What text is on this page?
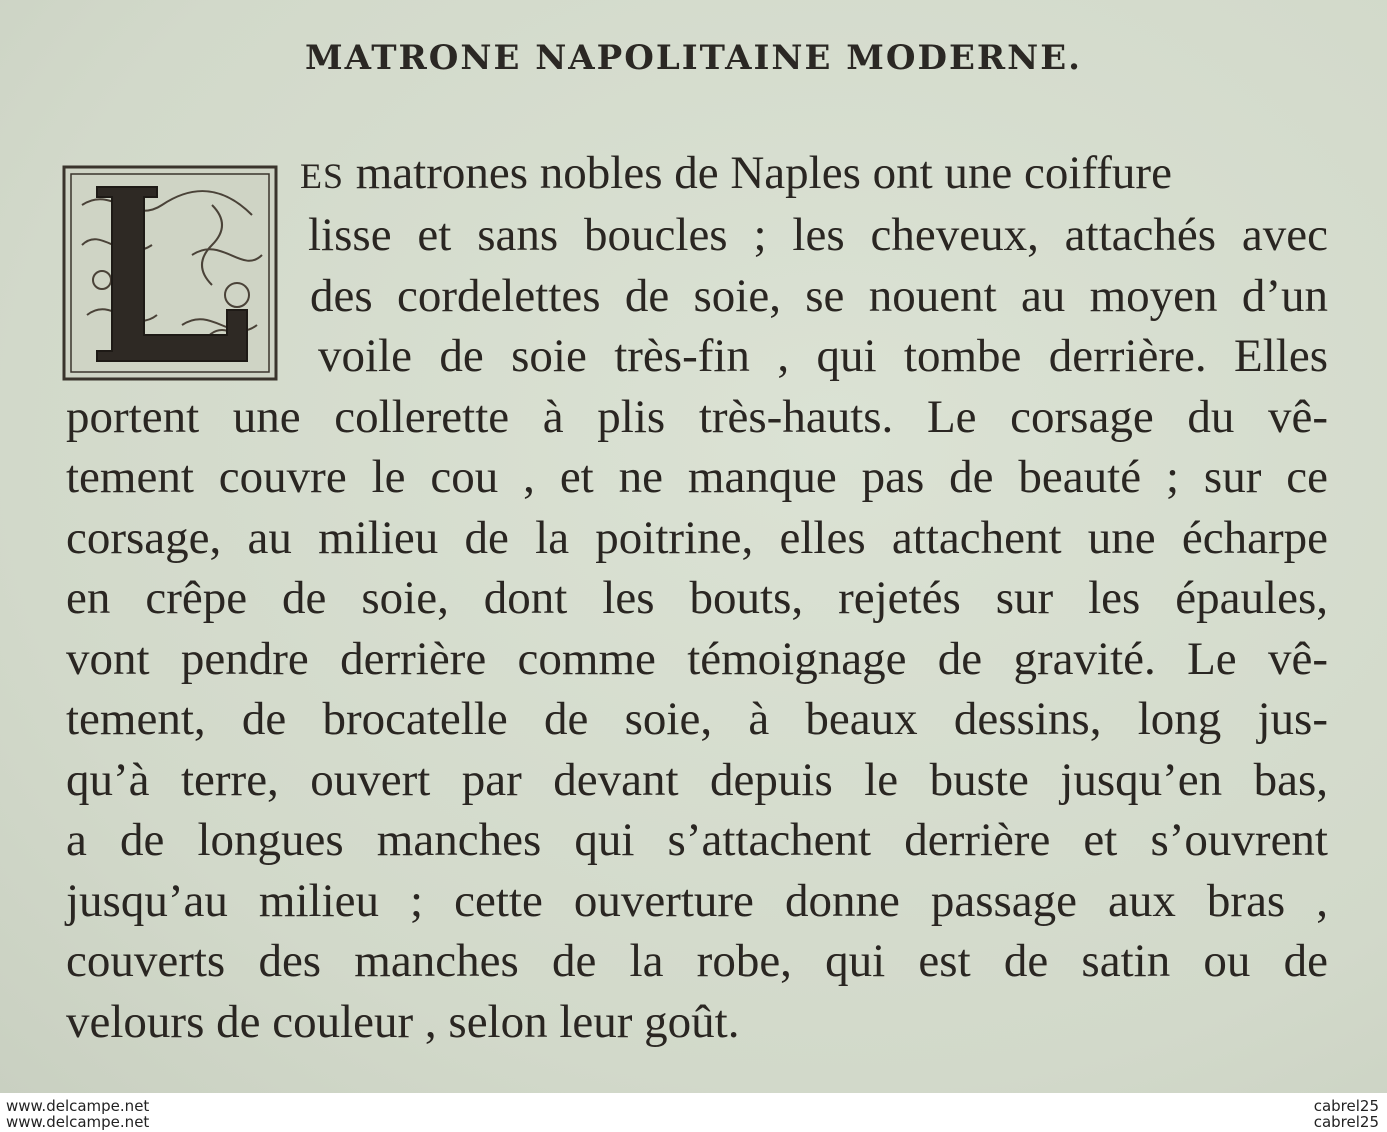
MATRONE NAPOLITAINE MODERNE.
ES matrones nobles de Naples ont une coiffure
lisse et sans boucles ; les cheveux, attachés avec
des cordelettes de soie, se nouent au moyen d’un
voile de soie très-fin , qui tombe derrière. Elles
portent une collerette à plis très-hauts. Le corsage du vê-
tement couvre le cou , et ne manque pas de beauté ; sur ce
corsage, au milieu de la poitrine, elles attachent une écharpe
en crêpe de soie, dont les bouts, rejetés sur les épaules,
vont pendre derrière comme témoignage de gravité. Le vê-
tement, de brocatelle de soie, à beaux dessins, long jus-
qu’à terre, ouvert par devant depuis le buste jusqu’en bas,
a de longues manches qui s’attachent derrière et s’ouvrent
jusqu’au milieu ; cette ouverture donne passage aux bras ,
couverts des manches de la robe, qui est de satin ou de
velours de couleur , selon leur goût.
www.delcampe.net
www.delcampe.net
cabrel25
cabrel25
